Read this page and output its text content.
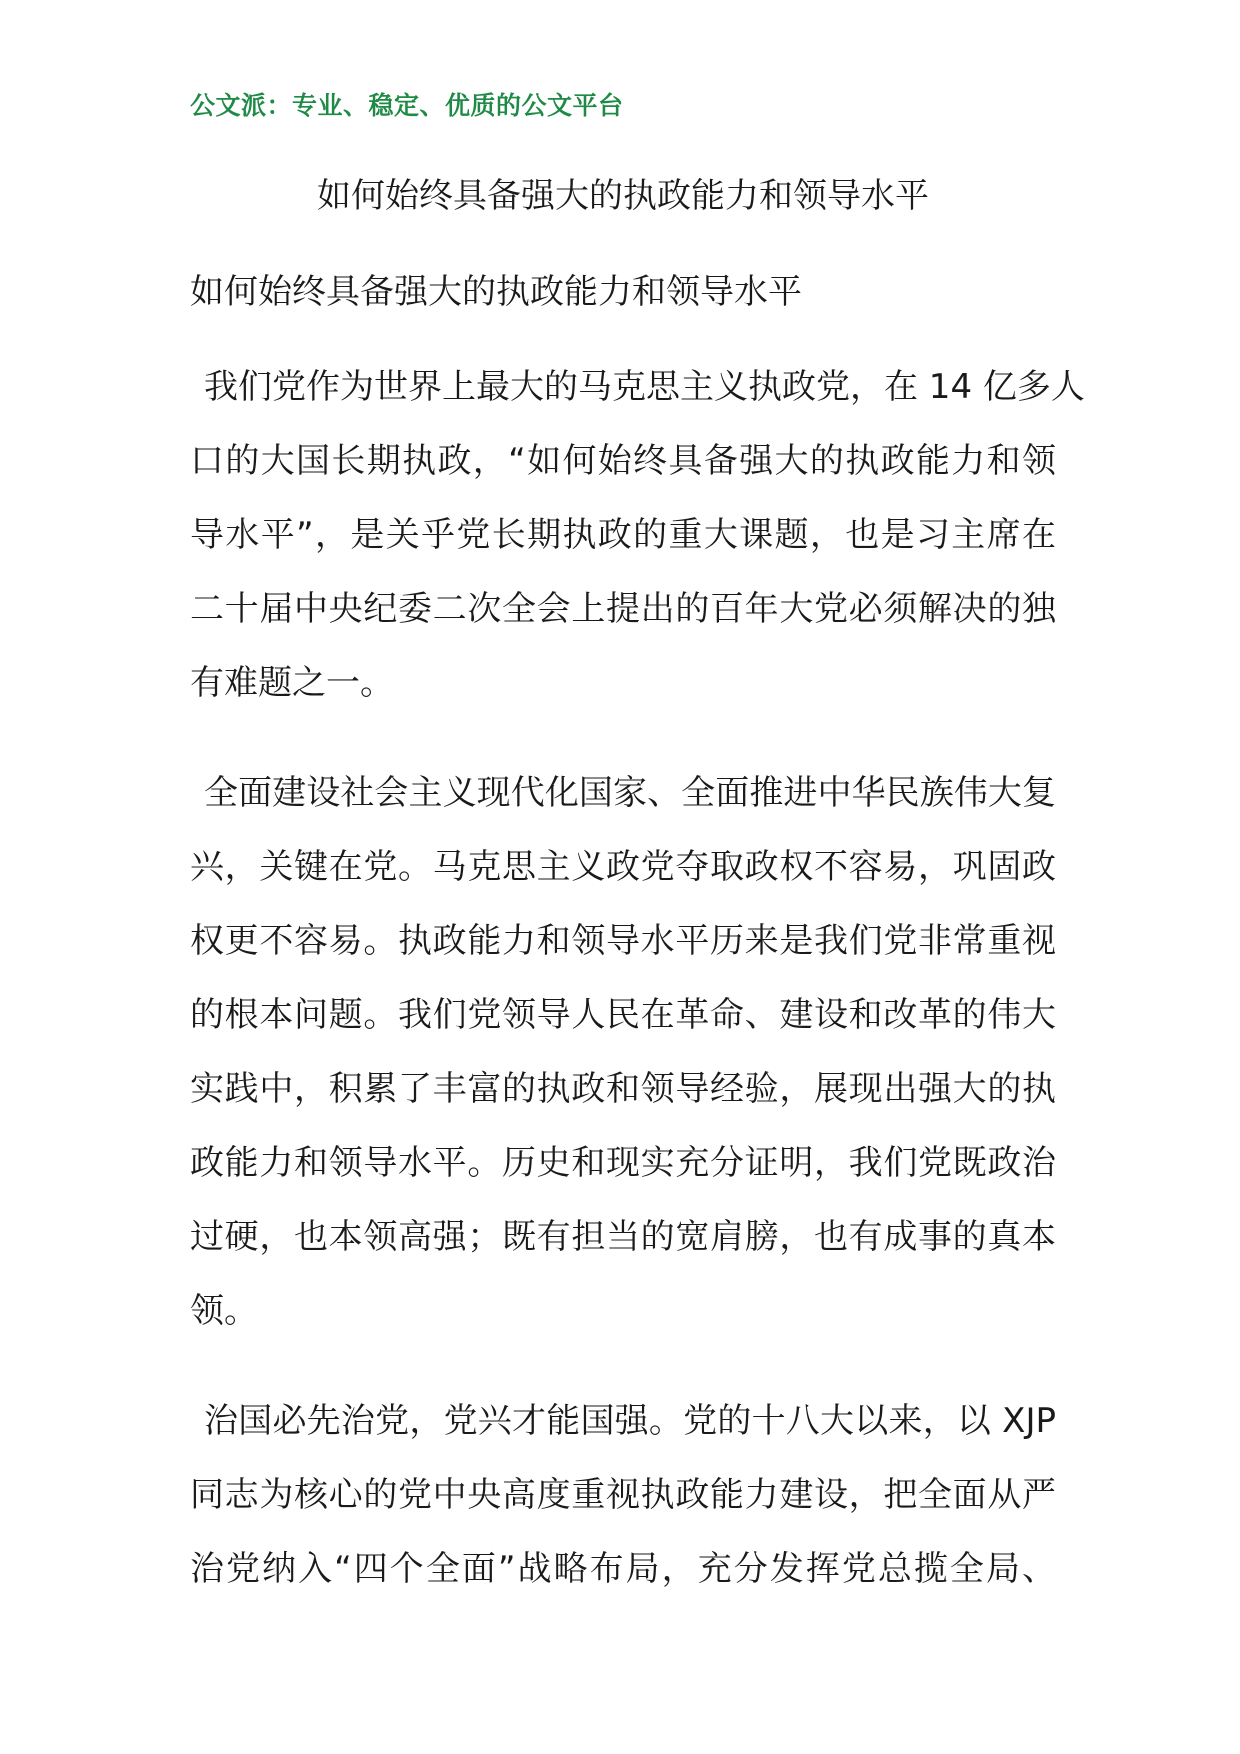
公文派：专业、稳定、优质的公文平台
如何始终具备强大的执政能力和领导水平
如何始终具备强大的执政能力和领导水平
我们党作为世界上最大的马克思主义执政党，在 14 亿多人
口的大国长期执政，“如何始终具备强大的执政能力和领
导水平”，是关乎党长期执政的重大课题，也是习主席在
二十届中央纪委二次全会上提出的百年大党必须解决的独
有难题之一。
全面建设社会主义现代化国家、全面推进中华民族伟大复
兴，关键在党。马克思主义政党夺取政权不容易，巩固政
权更不容易。执政能力和领导水平历来是我们党非常重视
的根本问题。我们党领导人民在革命、建设和改革的伟大
实践中，积累了丰富的执政和领导经验，展现出强大的执
政能力和领导水平。历史和现实充分证明，我们党既政治
过硬，也本领高强；既有担当的宽肩膀，也有成事的真本
领。
治国必先治党，党兴才能国强。党的十八大以来，以 XJP
同志为核心的党中央高度重视执政能力建设，把全面从严
治党纳入“四个全面”战略布局，充分发挥党总揽全局、
